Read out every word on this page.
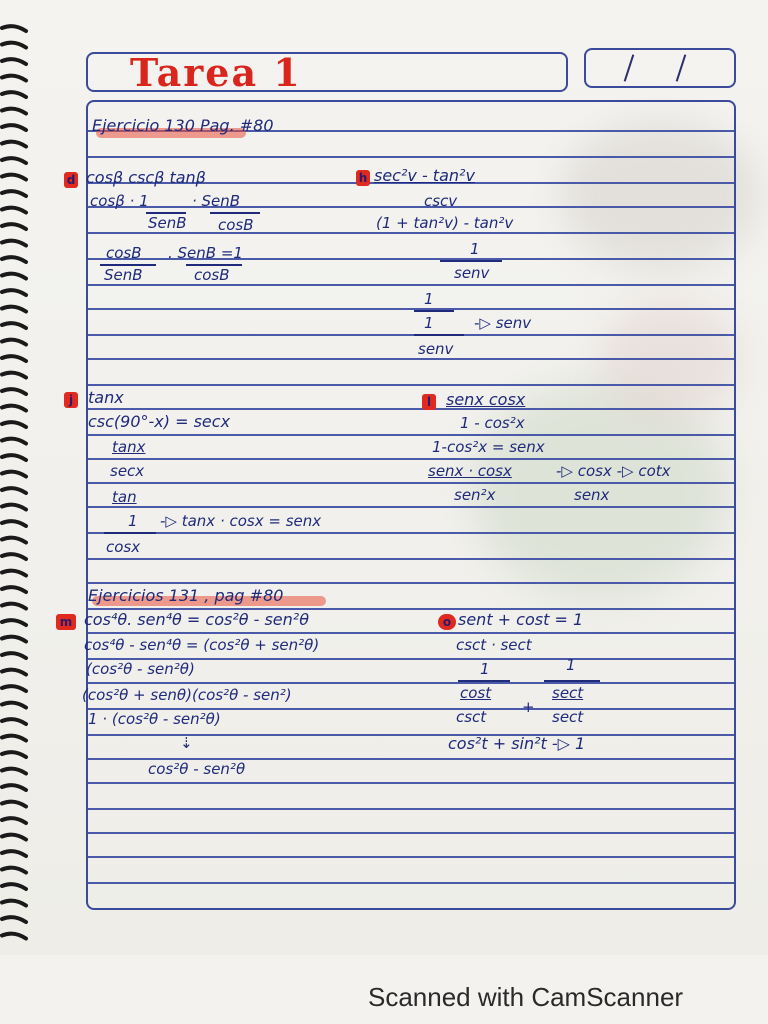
Tarea 1
Ejercicio 130 Pag. #80
d cosβ cscβ tanβ
cosβ · 1	· SenB
SenB cosB
cosB . SenB =1
SenB	cosB
h sec²v - tan²v
cscv
(1 + tan²v) - tan²v
1
senv
1
1	-▷ senv
senv
j tanx
csc(90°-x) = secx
tanx
secx
tan
1 -▷ tanx · cosx = senx
cosx
l senx cosx
1 - cos²x
1-cos²x = senx
senx · cosx	-▷ cosx -▷ cotx
sen²x	senx
Ejercicios 131 , pag #80
m cos⁴θ. sen⁴θ = cos²θ - sen²θ
cos⁴θ - sen⁴θ = (cos²θ + sen²θ)
(cos²θ - sen²θ)
(cos²θ + senθ)(cos²θ - sen²)
1 · (cos²θ - sen²θ)
⇣
cos²θ - sen²θ
o sent + cost = 1
csct · sect
1	1
cost	sect
+
csct	sect
cos²t + sin²t -▷ 1
Scanned with CamScanner
